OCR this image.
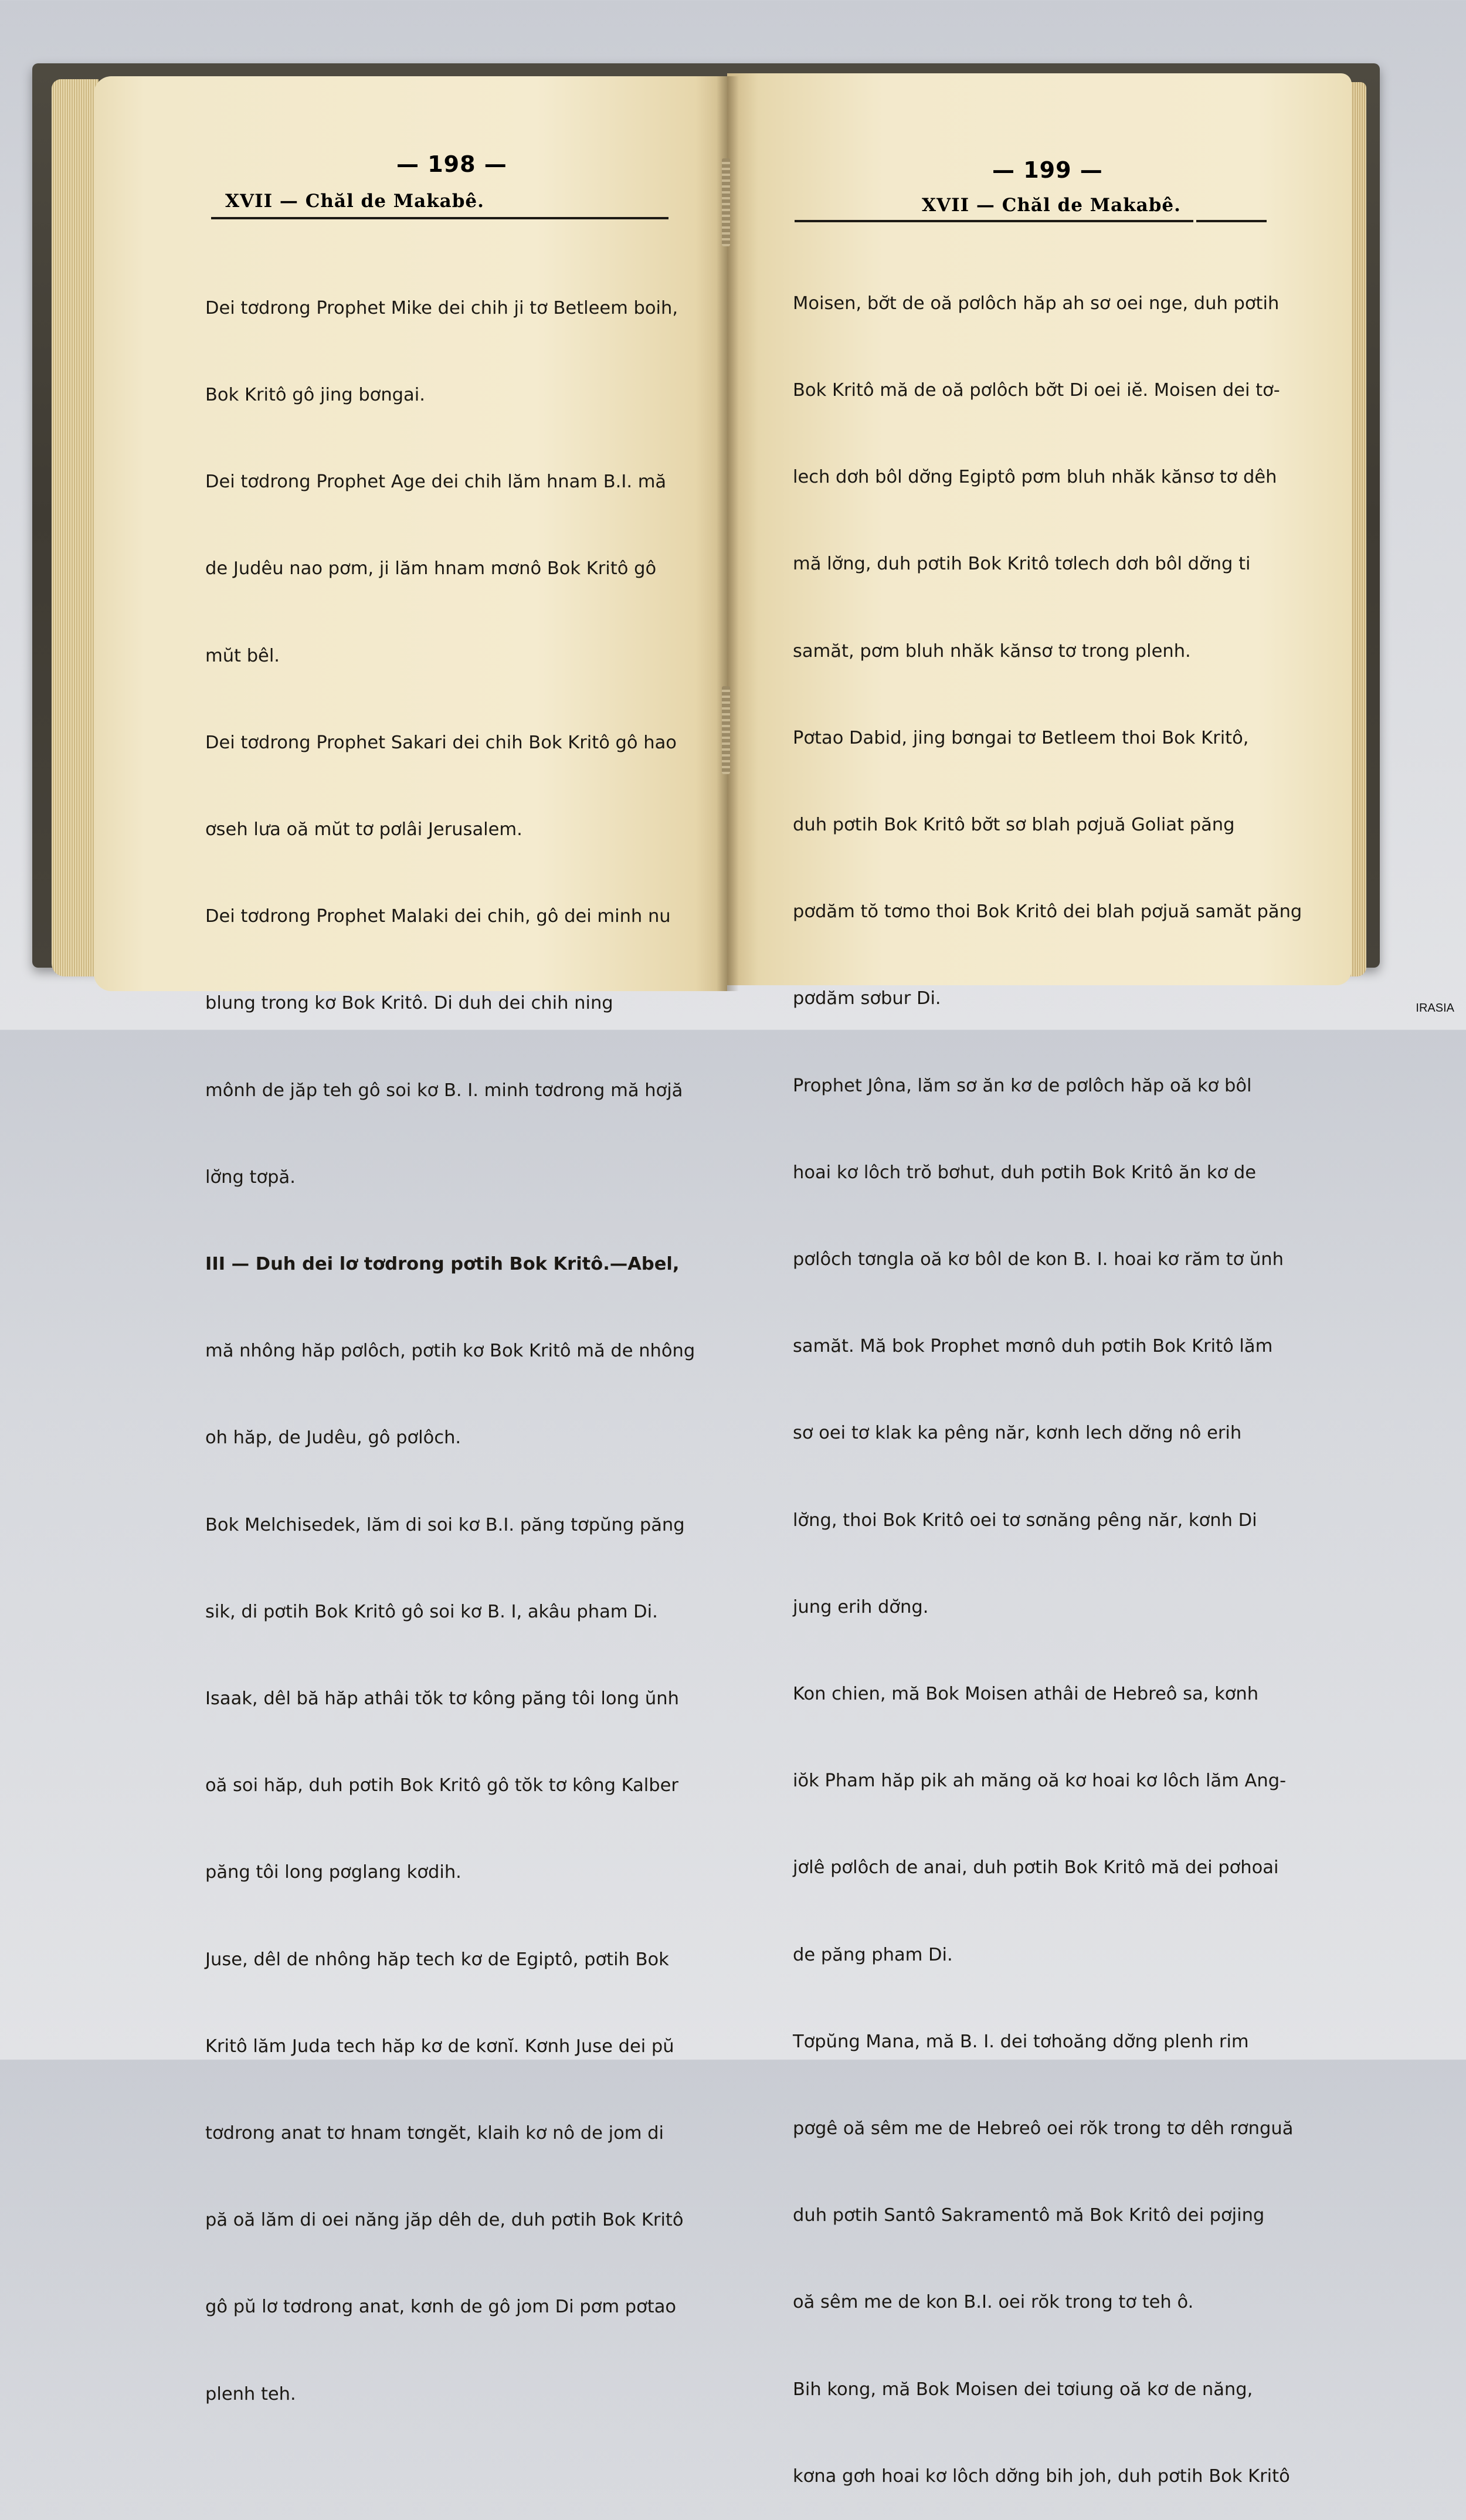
— 198 —
XVII — Chăl de Makabê.

Dei tơdrong Prophet Mike dei chih ji tơ Betleem boih,

Bok Kritô gô jing bơngai.

Dei tơdrong Prophet Age dei chih lăm hnam B.I. mă

de Judêu nao pơm, ji lăm hnam mơnô Bok Kritô gô

mŭt bêl.

Dei tơdrong Prophet Sakari dei chih Bok Kritô gô hao

ơseh lưa oă mŭt tơ pơlâi Jerusalem.

Dei tơdrong Prophet Malaki dei chih, gô dei minh nu

blung trong kơ Bok Kritô. Di duh dei chih ning

mônh de jăp teh gô soi kơ B. I. minh tơdrong mă hơjă

lơ̆ng tơpă.

III — Duh dei lơ tơdrong pơtih Bok Kritô.—Abel,

mă nhông hăp pơlôch, pơtih kơ Bok Kritô mă de nhông

oh hăp, de Judêu, gô pơlôch.

Bok Melchisedek, lăm di soi kơ B.I. păng tơpŭng păng

sik, di pơtih Bok Kritô gô soi kơ B. I, akâu pham Di.

Isaak, dêl bă hăp athâi tŏk tơ kông păng tôi long ŭnh

oă soi hăp, duh pơtih Bok Kritô gô tŏk tơ kông Kalber

păng tôi long pơglang kơdih.

Juse, dêl de nhông hăp tech kơ de Egiptô, pơtih Bok

Kritô lăm Juda tech hăp kơ de kơnĭ. Kơnh Juse dei pŭ

tơdrong anat tơ hnam tơngĕt, klaih kơ nô de jom di

pă oă lăm di oei năng jăp dêh de, duh pơtih Bok Kritô

gô pŭ lơ tơdrong anat, kơnh de gô jom Di pơm pơtao

plenh teh.

— 199 —
XVII — Chăl de Makabê.

Moisen, bơ̆t de oă pơlôch hăp ah sơ oei nge, duh pơtih

Bok Kritô mă de oă pơlôch bơ̆t Di oei iĕ. Moisen dei tơ-

lech dơh bôl dơ̆ng Egiptô pơm bluh nhăk kănsơ tơ dêh

mă lơ̆ng, duh pơtih Bok Kritô tơlech dơh bôl dơ̆ng ti

samăt, pơm bluh nhăk kănsơ tơ trong plenh.

Pơtao Dabid, jing bơngai tơ Betleem thoi Bok Kritô,

duh pơtih Bok Kritô bơ̆t sơ blah pơjuă Goliat păng

pơdăm tŏ tơmo thoi Bok Kritô dei blah pơjuă samăt păng

pơdăm sơbur Di.

Prophet Jôna, lăm sơ ăn kơ de pơlôch hăp oă kơ bôl

hoai kơ lôch trŏ bơhut, duh pơtih Bok Kritô ăn kơ de

pơlôch tơngla oă kơ bôl de kon B. I. hoai kơ răm tơ ŭnh

samăt. Mă bok Prophet mơnô duh pơtih Bok Kritô lăm

sơ oei tơ klak ka pêng năr, kơnh lech dơ̆ng nô erih

lơ̆ng, thoi Bok Kritô oei tơ sơnăng pêng năr, kơnh Di

jung erih dơ̆ng.

Kon chien, mă Bok Moisen athâi de Hebreô sa, kơnh

iŏk Pham hăp pik ah măng oă kơ hoai kơ lôch lăm Ang-

jơlê pơlôch de anai, duh pơtih Bok Kritô mă dei pơhoai

de păng pham Di.

Tơpŭng Mana, mă B. I. dei tơhoăng dơ̆ng plenh rim

pơgê oă sêm me de Hebreô oei rŏk trong tơ dêh rơnguă

duh pơtih Santô Sakramentô mă Bok Kritô dei pơjing

oă sêm me de kon B.I. oei rŏk trong tơ teh ô.

Bih kong, mă Bok Moisen dei tơiung oă kơ de năng,

kơna gơh hoai kơ lôch dơ̆ng bih joh, duh pơtih Bok Kritô

IRASIA
